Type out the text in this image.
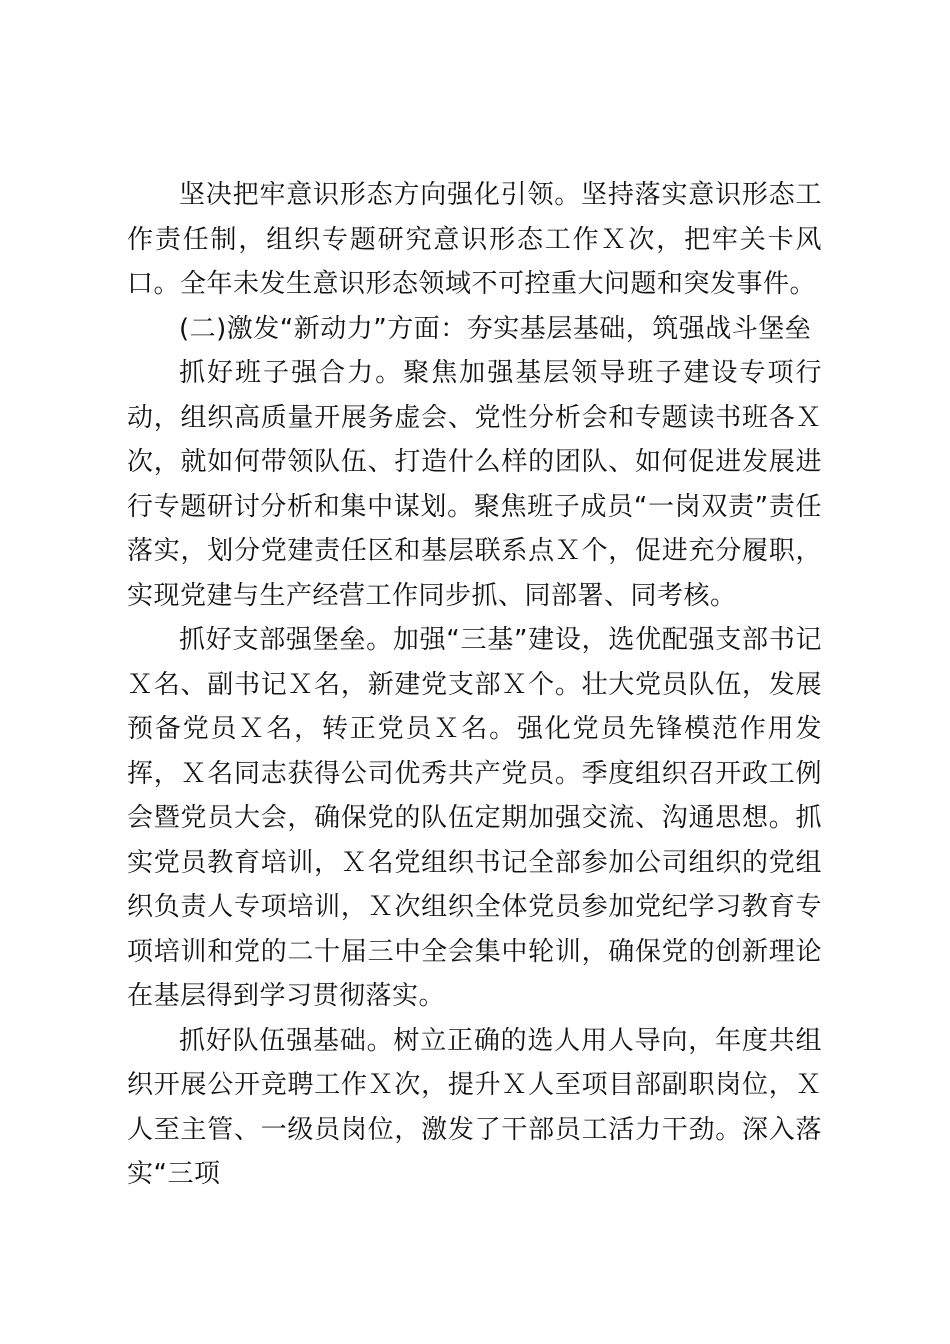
坚决把牢意识形态方向强化引领。坚持落实意识形态工作责任制，组织专题研究意识形态工作Ｘ次，把牢关卡风口。全年未发生意识形态领域不可控重大问题和突发事件。

(二)激发“新动力”方面：夯实基层基础，筑强战斗堡垒

抓好班子强合力。聚焦加强基层领导班子建设专项行动，组织高质量开展务虚会、党性分析会和专题读书班各Ｘ次，就如何带领队伍、打造什么样的团队、如何促进发展进行专题研讨分析和集中谋划。聚焦班子成员“一岗双责”责任落实，划分党建责任区和基层联系点Ｘ个，促进充分履职，实现党建与生产经营工作同步抓、同部署、同考核。

抓好支部强堡垒。加强“三基”建设，选优配强支部书记Ｘ名、副书记Ｘ名，新建党支部Ｘ个。壮大党员队伍，发展预备党员Ｘ名，转正党员Ｘ名。强化党员先锋模范作用发挥，Ｘ名同志获得公司优秀共产党员。季度组织召开政工例会暨党员大会，确保党的队伍定期加强交流、沟通思想。抓实党员教育培训，Ｘ名党组织书记全部参加公司组织的党组织负责人专项培训，Ｘ次组织全体党员参加党纪学习教育专项培训和党的二十届三中全会集中轮训，确保党的创新理论在基层得到学习贯彻落实。

抓好队伍强基础。树立正确的选人用人导向，年度共组织开展公开竞聘工作Ｘ次，提升Ｘ人至项目部副职岗位，Ｘ人至主管、一级员岗位，激发了干部员工活力干劲。深入落实“三项
